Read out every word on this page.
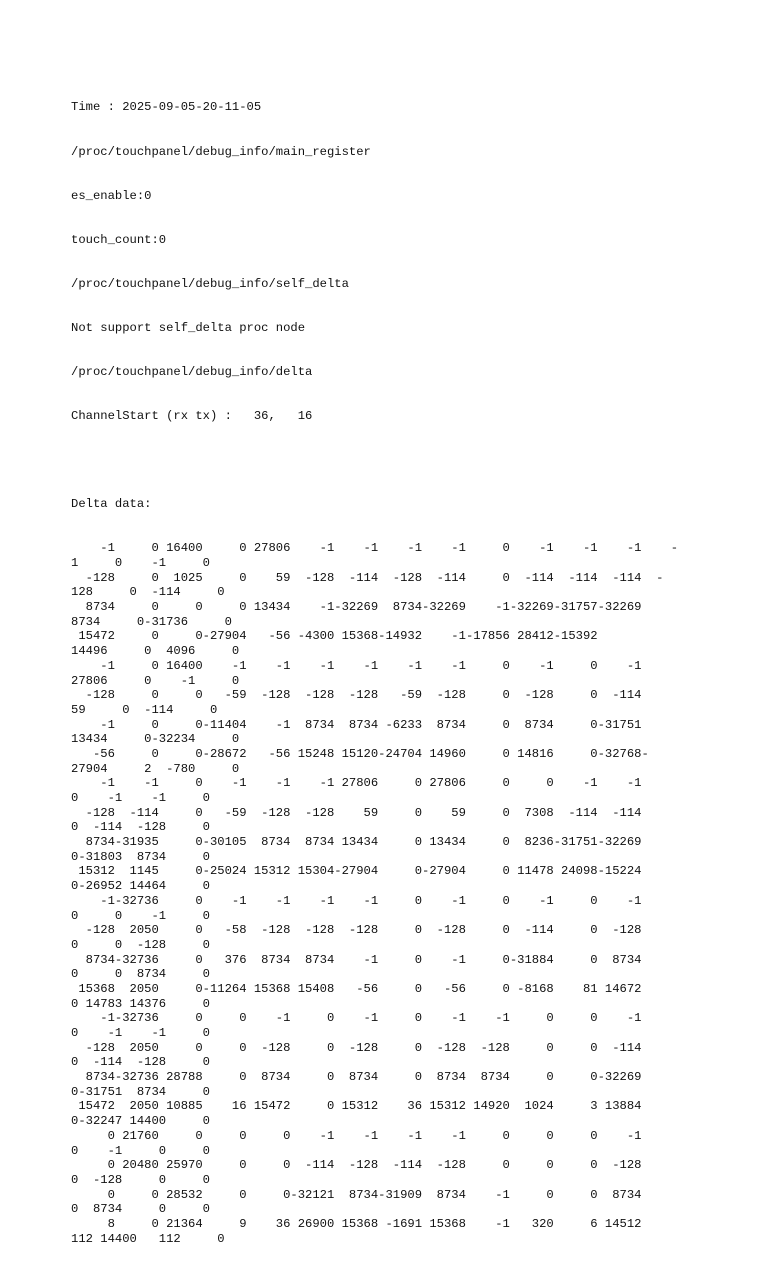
Time : 2025-09-05-20-11-05

/proc/touchpanel/debug_info/main_register

es_enable:0

touch_count:0

/proc/touchpanel/debug_info/self_delta

Not support self_delta proc node

/proc/touchpanel/debug_info/delta

ChannelStart (rx tx) :   36,   16

Delta data:

-1     0 16400     0 27806    -1    -1    -1    -1     0    -1    -1    -1    -
1     0    -1     0
-128     0  1025     0    59  -128  -114  -128  -114     0  -114  -114  -114  -
128     0  -114     0
8734     0     0     0 13434    -1-32269  8734-32269    -1-32269-31757-32269
8734     0-31736     0
15472     0     0-27904   -56 -4300 15368-14932    -1-17856 28412-15392
14496     0  4096     0
-1     0 16400    -1    -1    -1    -1    -1    -1     0    -1     0    -1
27806     0    -1     0
-128     0     0   -59  -128  -128  -128   -59  -128     0  -128     0  -114
59     0  -114     0
-1     0     0-11404    -1  8734  8734 -6233  8734     0  8734     0-31751
13434     0-32234     0
-56     0     0-28672   -56 15248 15120-24704 14960     0 14816     0-32768-
27904     2  -780     0
-1    -1     0    -1    -1    -1 27806     0 27806     0     0    -1    -1
0    -1    -1     0
-128  -114     0   -59  -128  -128    59     0    59     0  7308  -114  -114
0  -114  -128     0
8734-31935     0-30105  8734  8734 13434     0 13434     0  8236-31751-32269
0-31803  8734     0
15312  1145     0-25024 15312 15304-27904     0-27904     0 11478 24098-15224
0-26952 14464     0
-1-32736     0    -1    -1    -1    -1     0    -1     0    -1     0    -1
0     0    -1     0
-128  2050     0   -58  -128  -128  -128     0  -128     0  -114     0  -128
0     0  -128     0
8734-32736     0   376  8734  8734    -1     0    -1     0-31884     0  8734
0     0  8734     0
15368  2050     0-11264 15368 15408   -56     0   -56     0 -8168    81 14672
0 14783 14376     0
-1-32736     0     0    -1     0    -1     0    -1    -1     0     0    -1
0    -1    -1     0
-128  2050     0     0  -128     0  -128     0  -128  -128     0     0  -114
0  -114  -128     0
8734-32736 28788     0  8734     0  8734     0  8734  8734     0     0-32269
0-31751  8734     0
15472  2050 10885    16 15472     0 15312    36 15312 14920  1024     3 13884
0-32247 14400     0
0 21760     0     0     0    -1    -1    -1    -1     0     0     0    -1
0    -1     0     0
0 20480 25970     0     0  -114  -128  -114  -128     0     0     0  -128
0  -128     0     0
0     0 28532     0     0-32121  8734-31909  8734    -1     0     0  8734
0  8734     0     0
8     0 21364     9    36 26900 15368 -1691 15368    -1   320     6 14512
112 14400   112     0
